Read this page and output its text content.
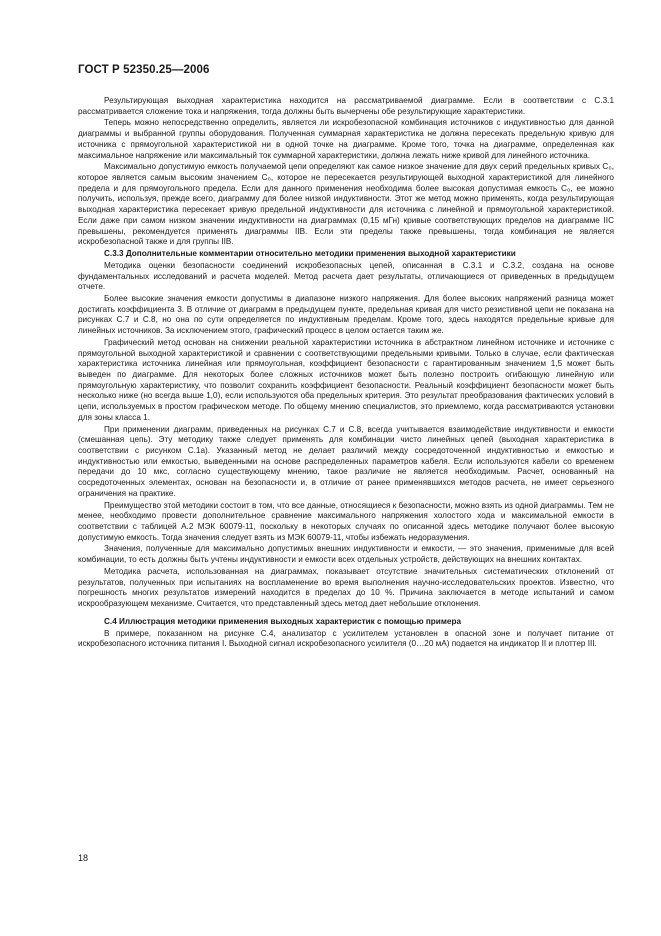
ГОСТ Р 52350.25—2006

Результирующая выходная характеристика находится на рассматриваемой диаграмме. Если в соответствии с С.3.1 рассматривается сложение тока и напряжения, тогда должны быть вычерчены обе результирующие характеристики.

Теперь можно непосредственно определить, является ли искробезопасной комбинация источников с индуктивностью для данной диаграммы и выбранной группы оборудования. Полученная суммарная характеристика не должна пересекать предельную кривую для источника с прямоугольной характеристикой ни в одной точке на диаграмме. Кроме того, точка на диаграмме, определенная как максимальное напряжение или максимальный ток суммарной характеристики, должна лежать ниже кривой для линейного источника.

Максимально допустимую емкость получаемой цепи определяют как самое низкое значение для двух серий предельных кривых С₀, которое является самым высоким значением С₀, которое не пересекается результирующей выходной характеристикой для линейного предела и для прямоугольного предела. Если для данного применения необходима более высокая допустимая емкость С₀, ее можно получить, используя, прежде всего, диаграмму для более низкой индуктивности. Этот же метод можно применять, когда результирующая выходная характеристика пересекает кривую предельной индуктивности для источника с линейной и прямоугольной характеристикой. Если даже при самом низком значении индуктивности на диаграммах (0,15 мГн) кривые соответствующих пределов на диаграмме IIС превышены, рекомендуется применять диаграммы IIВ. Если эти пределы также превышены, тогда комбинация не является искробезопасной также и для группы IIВ.

С.3.3 Дополнительные комментарии относительно методики применения выходной характеристики

Методика оценки безопасности соединений искробезопасных цепей, описанная в С.3.1 и С.3.2, создана на основе фундаментальных исследований и расчета моделей. Метод расчета дает результаты, отличающиеся от приведенных в предыдущем отчете.

Более высокие значения емкости допустимы в диапазоне низкого напряжения. Для более высоких напряжений разница может достигать коэффициента 3. В отличие от диаграмм в предыдущем пункте, предельная кривая для чисто резистивной цепи не показана на рисунках С.7 и С.8, но она по сути определяется по индуктивным пределам. Кроме того, здесь находятся предельные кривые для линейных источников. За исключением этого, графический процесс в целом остается таким же.

Графический метод основан на снижении реальной характеристики источника в абстрактном линейном источнике и источнике с прямоугольной выходной характеристикой и сравнении с соответствующими предельными кривыми. Только в случае, если фактическая характеристика источника линейная или прямоугольная, коэффициент безопасности с гарантированным значением 1,5 может быть выведен по диаграмме. Для некоторых более сложных источников может быть полезно построить огибающую линейную или прямоугольную характеристику, что позволит сохранить коэффициент безопасности. Реальный коэффициент безопасности может быть несколько ниже (но всегда выше 1,0), если используются оба предельных критерия. Это результат преобразования фактических условий в цепи, используемых в простом графическом методе. По общему мнению специалистов, это приемлемо, когда рассматриваются установки для зоны класса 1.

При применении диаграмм, приведенных на рисунках С.7 и С.8, всегда учитывается взаимодействие индуктивности и емкости (смешанная цепь). Эту методику также следует применять для комбинации чисто линейных цепей (выходная характеристика в соответствии с рисунком С.1а). Указанный метод не делает различий между сосредоточенной индуктивностью и емкостью и индуктивностью или емкостью, выведенными на основе распределенных параметров кабеля. Если используются кабели со временем передачи до 10 мкс, согласно существующему мнению, такое различие не является необходимым. Расчет, основанный на сосредоточенных элементах, основан на безопасности и, в отличие от ранее применявшихся методов расчета, не имеет серьезного ограничения на практике.

Преимущество этой методики состоит в том, что все данные, относящиеся к безопасности, можно взять из одной диаграммы. Тем не менее, необходимо провести дополнительное сравнение максимального напряжения холостого хода и максимальной емкости в соответствии с таблицей А.2 МЭК 60079-11, поскольку в некоторых случаях по описанной здесь методике получают более высокую допустимую емкость. Тогда значения следует взять из МЭК 60079-11, чтобы избежать недоразумения.

Значения, полученные для максимально допустимых внешних индуктивности и емкости, — это значения, применимые для всей комбинации, то есть должны быть учтены индуктивности и емкости всех отдельных устройств, действующих на внешних контактах.

Методика расчета, использованная на диаграммах, показывает отсутствие значительных систематических отклонений от результатов, полученных при испытаниях на воспламенение во время выполнения научно-исследовательских проектов. Известно, что погрешность многих результатов измерений находится в пределах до 10 %. Причина заключается в методе испытаний и самом искрообразующем механизме. Считается, что представленный здесь метод дает небольшие отклонения.

С.4 Иллюстрация методики применения выходных характеристик с помощью примера

В примере, показанном на рисунке С.4, анализатор с усилителем установлен в опасной зоне и получает питание от искробезопасного источника питания I. Выходной сигнал искробезопасного усилителя (0…20 мА) подается на индикатор II и плоттер III.

18
